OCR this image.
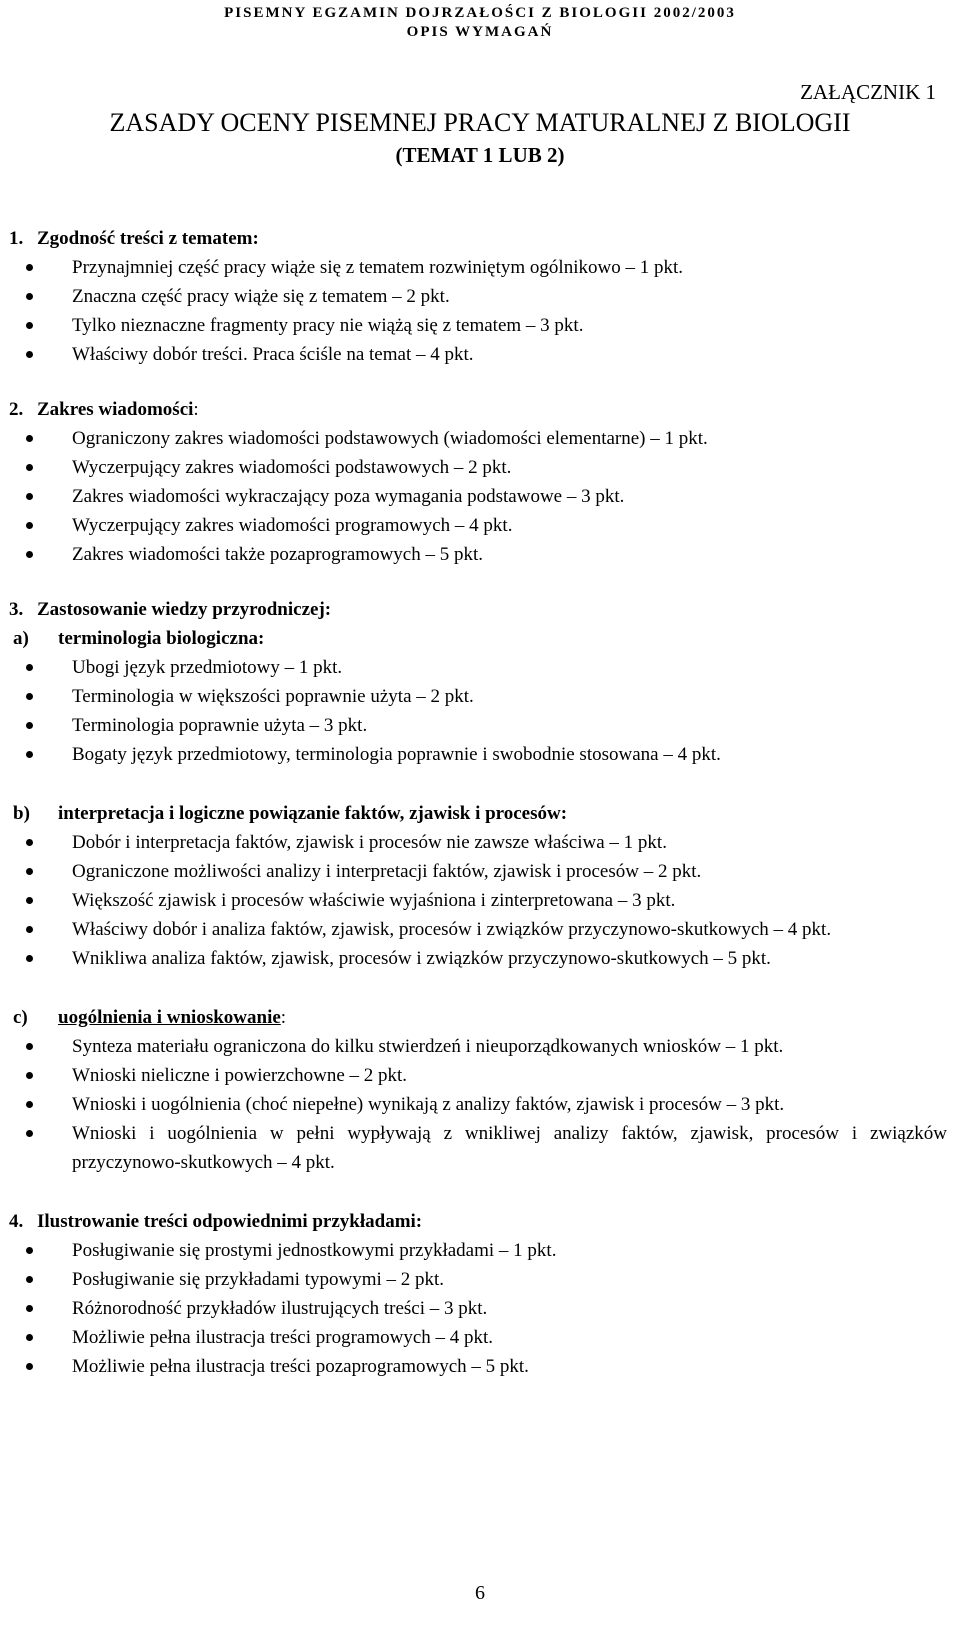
PISEMNY EGZAMIN DOJRZAŁOŚCI Z BIOLOGII 2002/2003
OPIS WYMAGAŃ
ZAŁĄCZNIK 1
ZASADY OCENY PISEMNEJ PRACY MATURALNEJ Z BIOLOGII
(TEMAT 1 LUB 2)
1. Zgodność treści z tematem:
Przynajmniej część pracy wiąże się z tematem rozwiniętym ogólnikowo – 1 pkt.
Znaczna część pracy wiąże się z tematem – 2 pkt.
Tylko nieznaczne fragmenty pracy nie wiążą się z tematem – 3 pkt.
Właściwy dobór treści. Praca ściśle na temat – 4 pkt.
2. Zakres wiadomości:
Ograniczony zakres wiadomości podstawowych (wiadomości elementarne) – 1 pkt.
Wyczerpujący zakres wiadomości podstawowych – 2 pkt.
Zakres wiadomości wykraczający poza wymagania podstawowe – 3 pkt.
Wyczerpujący zakres wiadomości programowych – 4 pkt.
Zakres wiadomości także pozaprogramowych – 5 pkt.
3. Zastosowanie wiedzy przyrodniczej:
a) terminologia biologiczna:
Ubogi język przedmiotowy – 1 pkt.
Terminologia w większości poprawnie użyta – 2 pkt.
Terminologia poprawnie użyta – 3 pkt.
Bogaty język przedmiotowy, terminologia poprawnie i swobodnie stosowana – 4 pkt.
b) interpretacja i logiczne powiązanie faktów, zjawisk i procesów:
Dobór i interpretacja faktów, zjawisk i procesów nie zawsze właściwa – 1 pkt.
Ograniczone możliwości analizy i interpretacji faktów, zjawisk i procesów – 2 pkt.
Większość zjawisk i procesów właściwie wyjaśniona i zinterpretowana – 3 pkt.
Właściwy dobór i analiza faktów, zjawisk, procesów i związków przyczynowo-skutkowych – 4 pkt.
Wnikliwa analiza faktów, zjawisk, procesów i związków przyczynowo-skutkowych – 5 pkt.
c) uogólnienia i wnioskowanie:
Synteza materiału ograniczona do kilku stwierdzeń i nieuporządkowanych wniosków – 1 pkt.
Wnioski nieliczne i powierzchowne – 2 pkt.
Wnioski i uogólnienia (choć niepełne) wynikają z analizy faktów, zjawisk i procesów – 3 pkt.
Wnioski i uogólnienia w pełni wypływają z wnikliwej analizy faktów, zjawisk, procesów i związków przyczynowo-skutkowych – 4 pkt.
4. Ilustrowanie treści odpowiednimi przykładami:
Posługiwanie się prostymi jednostkowymi przykładami – 1 pkt.
Posługiwanie się przykładami typowymi – 2 pkt.
Różnorodność przykładów ilustrujących treści – 3 pkt.
Możliwie pełna ilustracja treści programowych – 4 pkt.
Możliwie pełna ilustracja treści pozaprogramowych – 5 pkt.
6
